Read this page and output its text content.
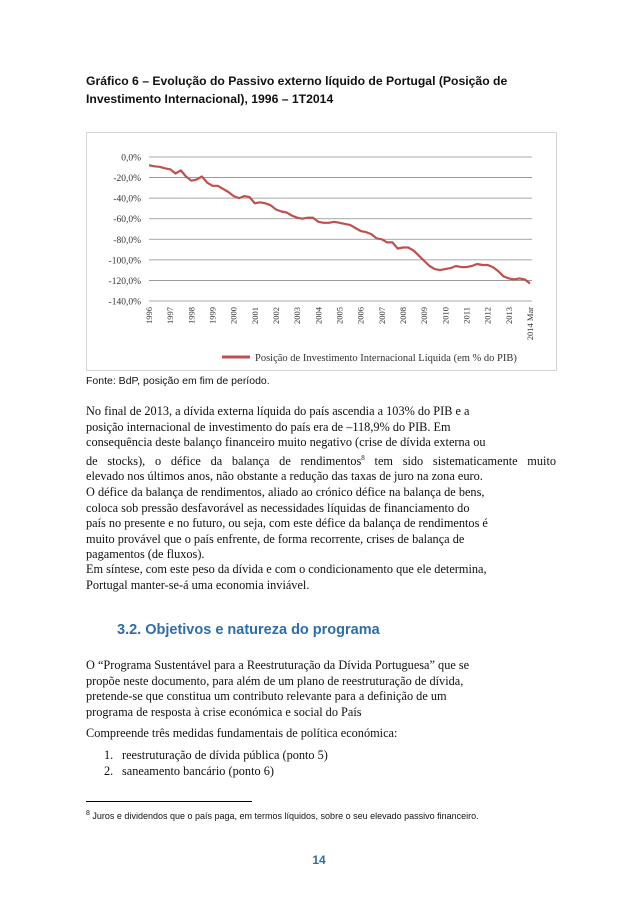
Gráfico 6 – Evolução do Passivo externo líquido de Portugal (Posição de
Investimento Internacional), 1996 – 1T2014
0,0%
-20,0%
-40,0%
-60,0%
-80,0%
-100,0%
-120,0%
-140,0%
1996 1997 1998 1999 2000 2001 2002 2003 2004 2005 2006 2007 2008 2009 2010 2011 2012 2013 2014 Mar
Posição de Investimento Internacional Líquida (em % do PIB)
Fonte: BdP, posição em fim de período.
No final de 2013, a dívida externa líquida do país ascendia a 103% do PIB e a
posição internacional de investimento do país era de –118,9% do PIB. Em
consequência deste balanço financeiro muito negativo (crise de dívida externa ou
de stocks), o défice da balança de rendimentos$^8$ tem sido sistematicamente muito
elevado nos últimos anos, não obstante a redução das taxas de juro na zona euro.
O défice da balança de rendimentos, aliado ao crónico défice na balança de bens,
coloca sob pressão desfavorável as necessidades líquidas de financiamento do
país no presente e no futuro, ou seja, com este défice da balança de rendimentos é
muito provável que o país enfrente, de forma recorrente, crises de balança de
pagamentos (de fluxos).
Em síntese, com este peso da dívida e com o condicionamento que ele determina,
Portugal manter-se-á uma economia inviável.
3.2. Objetivos e natureza do programa
O “Programa Sustentável para a Reestruturação da Dívida Portuguesa” que se
propõe neste documento, para além de um plano de reestruturação de dívida,
pretende-se que constitua um contributo relevante para a definição de um
programa de resposta à crise económica e social do País
Compreende três medidas fundamentais de política económica:
1. reestruturação de dívida pública (ponto 5)
2. saneamento bancário (ponto 6)
$^8$ Juros e dividendos que o país paga, em termos líquidos, sobre o seu elevado passivo financeiro.
14
